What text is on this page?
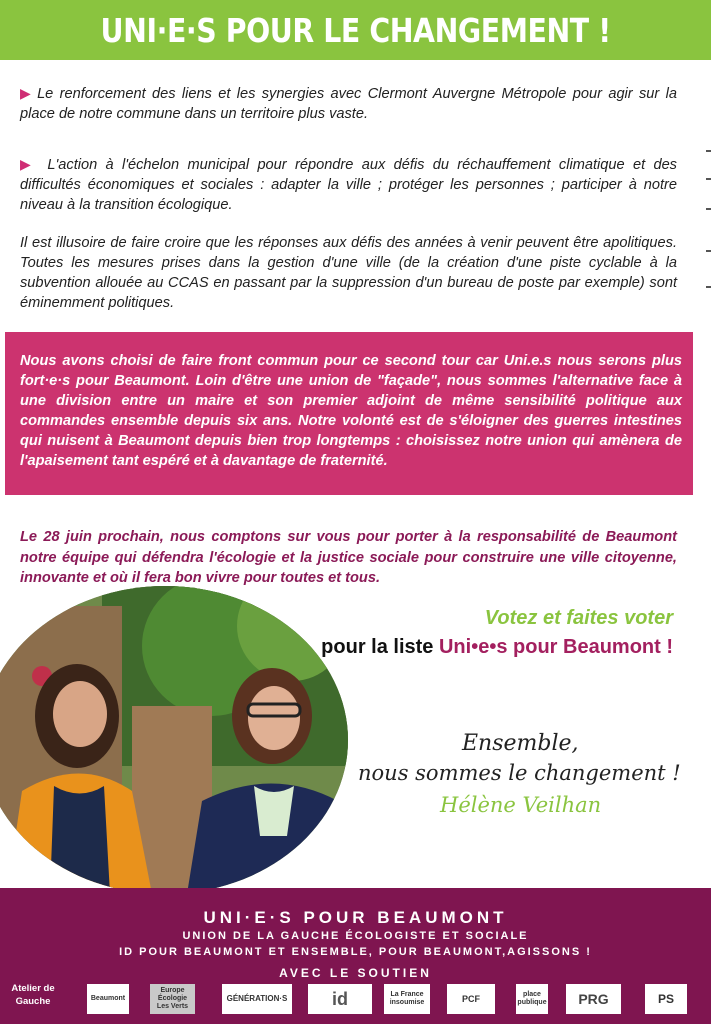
UNI·E·S POUR LE CHANGEMENT !

▶ Le renforcement des liens et les synergies avec Clermont Auvergne Métropole pour agir sur la place de notre commune dans un territoire plus vaste.

▶ L'action à l'échelon municipal pour répondre aux défis du réchauffement climatique et des difficultés économiques et sociales : adapter la ville ; protéger les personnes ; participer à notre niveau à la transition écologique.

Il est illusoire de faire croire que les réponses aux défis des années à venir peuvent être apolitiques. Toutes les mesures prises dans la gestion d'une ville (de la création d'une piste cyclable à la subvention allouée au CCAS en passant par la suppression d'un bureau de poste par exemple) sont éminemment politiques.

Nous avons choisi de faire front commun pour ce second tour car Uni.e.s nous serons plus fort·e·s pour Beaumont. Loin d'être une union de "façade", nous sommes l'alternative face à une division entre un maire et son premier adjoint de même sensibilité politique aux commandes ensemble depuis six ans. Notre volonté est de s'éloigner des guerres intestines qui nuisent à Beaumont depuis bien trop longtemps : choisissez notre union qui amènera de l'apaisement tant espéré et à davantage de fraternité.

Le 28 juin prochain, nous comptons sur vous pour porter à la responsabilité de Beaumont notre équipe qui défendra l'écologie et la justice sociale pour construire une ville citoyenne, innovante et où il fera bon vivre pour toutes et tous.

Votez et faites voter

pour la liste Uni•e•s pour Beaumont !

Ensemble,

nous sommes le changement !

Hélène Veilhan

UNI·E·S POUR BEAUMONT

UNION DE LA GAUCHE ÉCOLOGISTE ET SOCIALE

ID POUR BEAUMONT ET ENSEMBLE, POUR BEAUMONT,AGISSONS !

AVEC LE SOUTIEN

Atelier de Gauche	Beaumont
Europe Écologie Les Verts
GÉNÉRATION·S id	La France insoumise	PCF	place publique PRG	PS
